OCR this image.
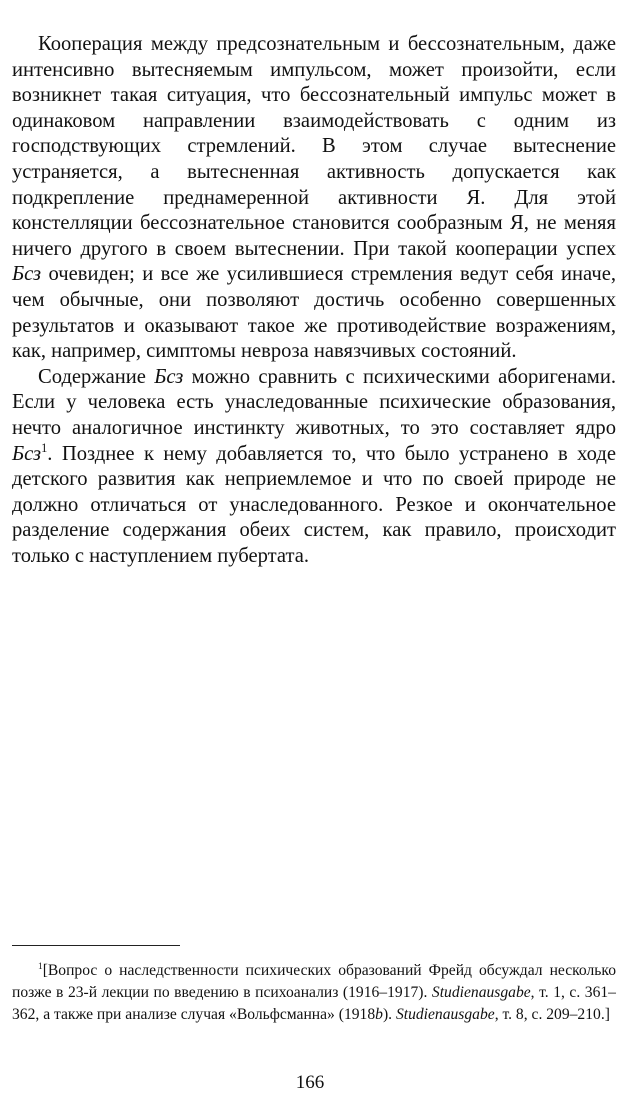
Кооперация между предсознательным и бессознательным, даже интенсивно вытесняемым импульсом, может произойти, если возникнет такая ситуация, что бессознательный импульс может в одинаковом направлении взаимодействовать с одним из господствующих стремлений. В этом случае вытеснение устраняется, а вытесненная активность допускается как подкрепление преднамеренной активности Я. Для этой констелляции бессознательное становится сообразным Я, не меняя ничего другого в своем вытеснении. При такой кооперации успех Бсз очевиден; и все же усилившиеся стремления ведут себя иначе, чем обычные, они позволяют достичь особенно совершенных результатов и оказывают такое же противодействие возражениям, как, например, симптомы невроза навязчивых состояний.

Содержание Бсз можно сравнить с психическими аборигенами. Если у человека есть унаследованные психические образования, нечто аналогичное инстинкту животных, то это составляет ядро Бсз$^1$. Позднее к нему добавляется то, что было устранено в ходе детского развития как неприемлемое и что по своей природе не должно отличаться от унаследованного. Резкое и окончательное разделение содержания обеих систем, как правило, происходит только с наступлением пубертата.

$^1$[Вопрос о наследственности психических образований Фрейд обсуждал несколько позже в 23-й лекции по введению в психоанализ (1916–1917). Studienausgabe, т. 1, с. 361–362, а также при анализе случая «Вольфсманна» (1918b). Studienausgabe, т. 8, с. 209–210.]

166
